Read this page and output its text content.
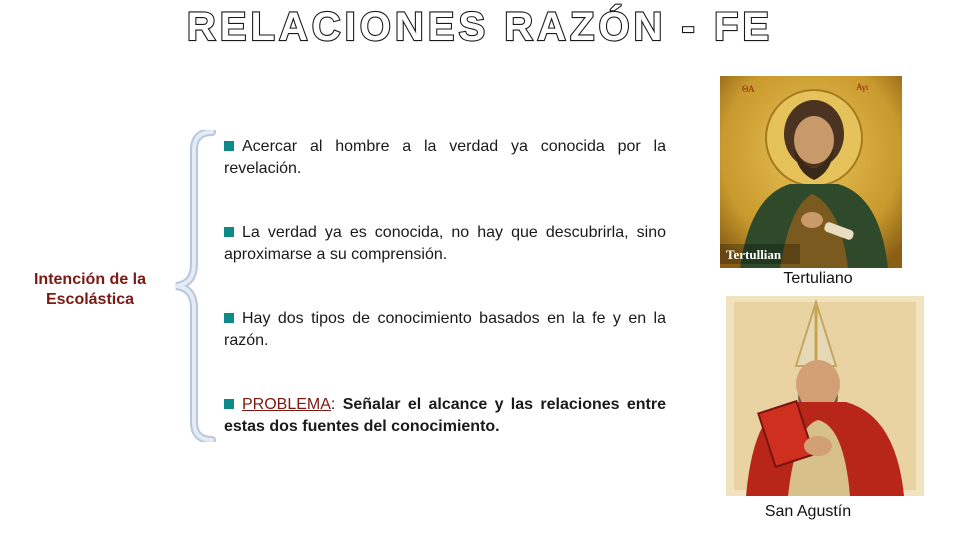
RELACIONES RAZÓN - FE
Intención de la
Escolástica
Acercar al hombre a la verdad ya conocida por la revelación.
La verdad ya es conocida, no hay que descubrirla, sino aproximarse a su comprensión.
Hay dos tipos de conocimiento basados en la fe y en la razón.
PROBLEMA: Señalar el alcance y las relaciones entre estas dos fuentes del conocimiento.
ΘΑ	Αγι
Tertullian
Tertuliano
San Agustín
